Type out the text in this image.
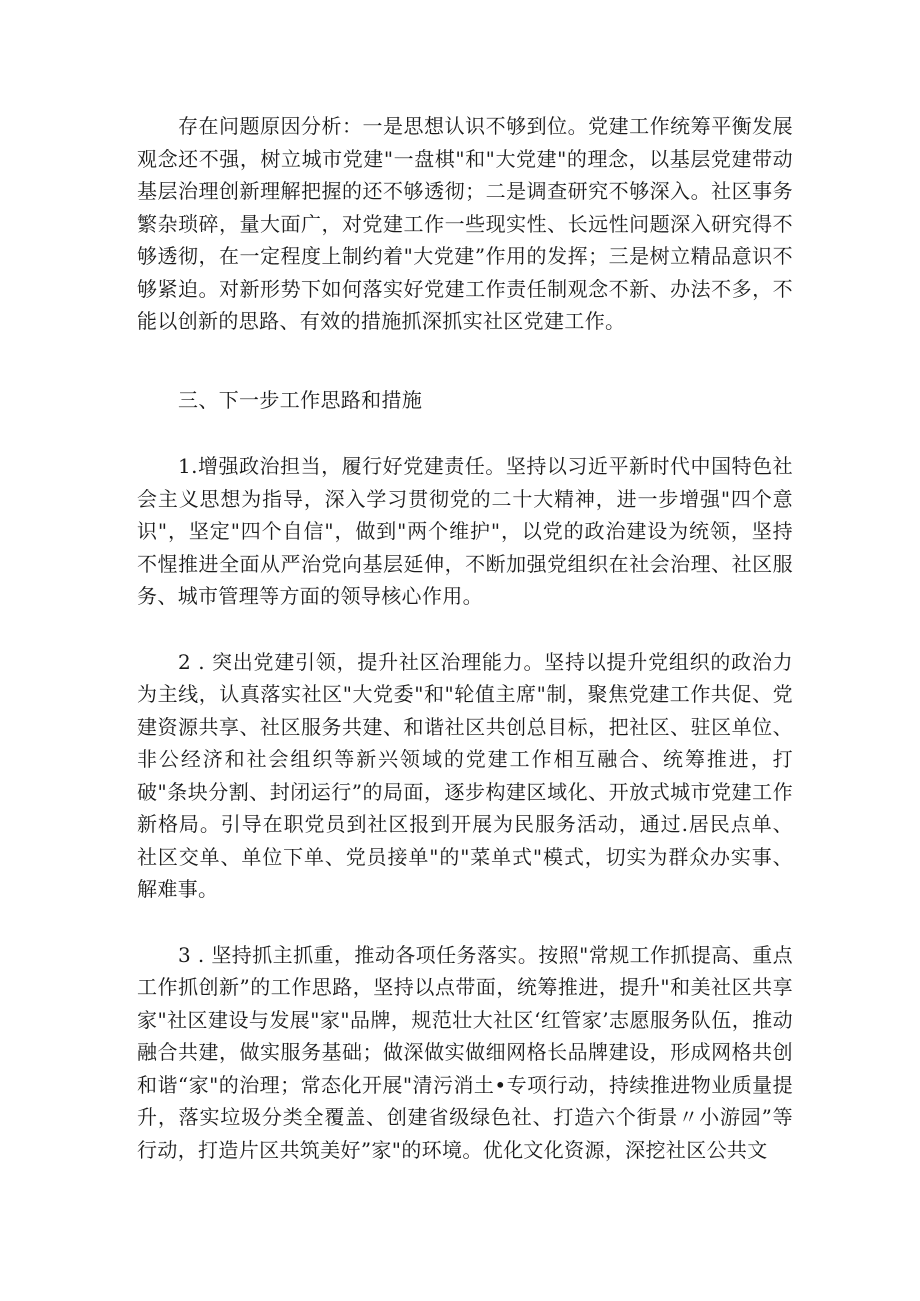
存在问题原因分析：一是思想认识不够到位。党建工作统筹平衡发展观念还不强，树立城市党建"一盘棋"和"大党建"的理念，以基层党建带动基层治理创新理解把握的还不够透彻；二是调查研究不够深入。社区事务繁杂琐碎，量大面广，对党建工作一些现实性、长远性问题深入研究得不够透彻，在一定程度上制约着"大党建”作用的发挥；三是树立精品意识不够紧迫。对新形势下如何落实好党建工作责任制观念不新、办法不多，不能以创新的思路、有效的措施抓深抓实社区党建工作。

三、下一步工作思路和措施

1.增强政治担当，履行好党建责任。坚持以习近平新时代中国特色社会主义思想为指导，深入学习贯彻党的二十大精神，进一步增强"四个意识"，坚定"四个自信"，做到"两个维护"，以党的政治建设为统领，坚持不惺推进全面从严治党向基层延伸，不断加强党组织在社会治理、社区服务、城市管理等方面的领导核心作用。

2 . 突出党建引领，提升社区治理能力。坚持以提升党组织的政治力为主线，认真落实社区"大党委"和"轮值主席"制，聚焦党建工作共促、党建资源共享、社区服务共建、和谐社区共创总目标，把社区、驻区单位、非公经济和社会组织等新兴领域的党建工作相互融合、统筹推进，打破"条块分割、封闭运行”的局面，逐步构建区域化、开放式城市党建工作新格局。引导在职党员到社区报到开展为民服务活动，通过.居民点单、社区交单、单位下单、党员接单"的"菜单式"模式，切实为群众办实事、解难事。

3 . 坚持抓主抓重，推动各项任务落实。按照"常规工作抓提高、重点工作抓创新”的工作思路，坚持以点带面，统筹推进，提升"和美社区共享家"社区建设与发展"家"品牌，规范壮大社区‘红管家’志愿服务队伍，推动融合共建，做实服务基础；做深做实做细网格长品牌建设，形成网格共创和谐“家"的治理；常态化开展"清污消土•专项行动，持续推进物业质量提升，落实垃圾分类全覆盖、创建省级绿色社、打造六个街景〃小游园”等行动，打造片区共筑美好”家"的环境。优化文化资源，深挖社区公共文
